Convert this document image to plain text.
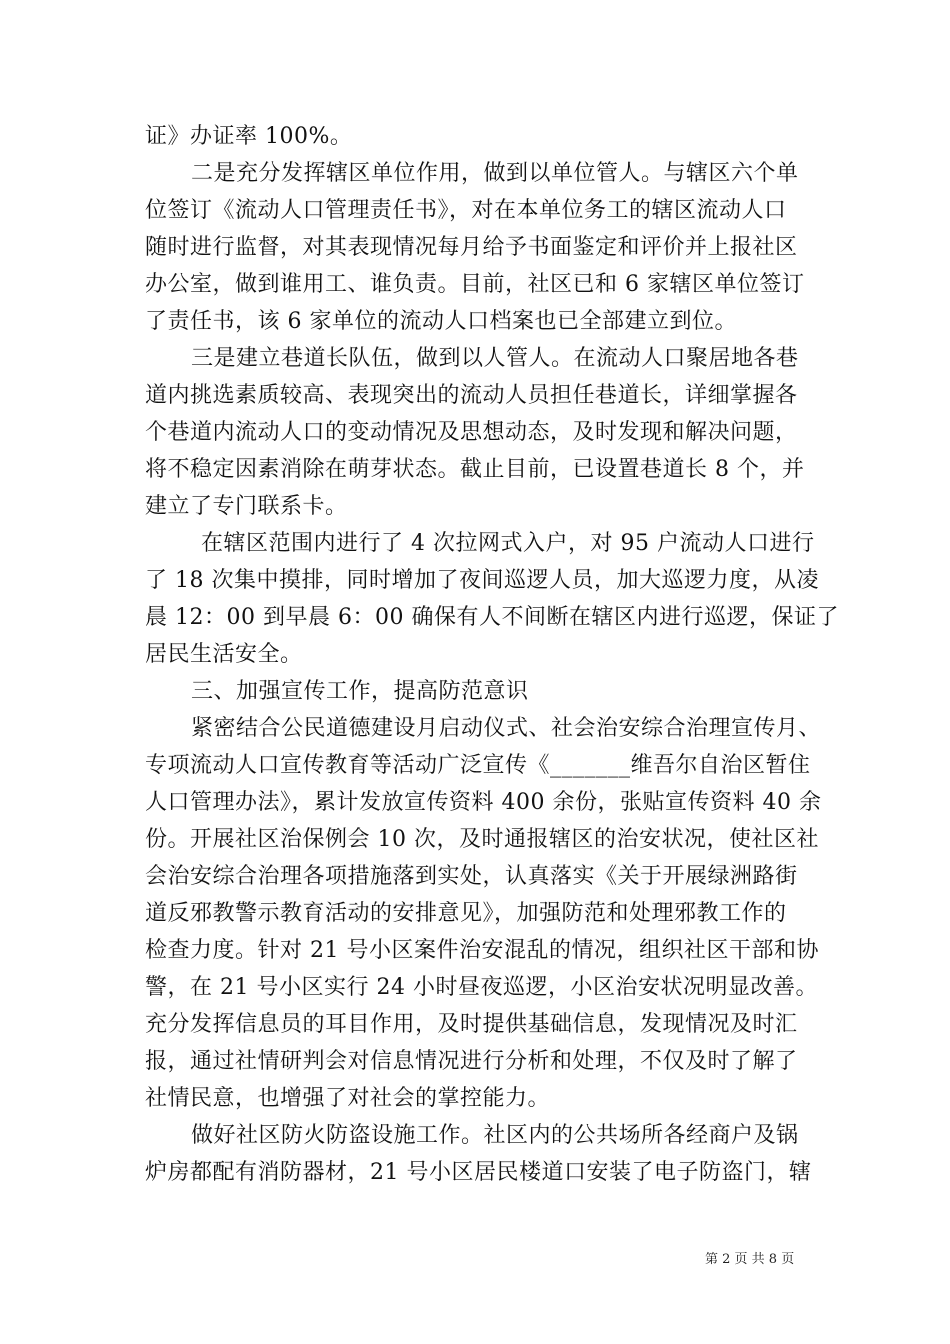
证》办证率 100%。
二是充分发挥辖区单位作用，做到以单位管人。与辖区六个单
位签订《流动人口管理责任书》，对在本单位务工的辖区流动人口
随时进行监督，对其表现情况每月给予书面鉴定和评价并上报社区
办公室，做到谁用工、谁负责。目前，社区已和 6 家辖区单位签订
了责任书，该 6 家单位的流动人口档案也已全部建立到位。
三是建立巷道长队伍，做到以人管人。在流动人口聚居地各巷
道内挑选素质较高、表现突出的流动人员担任巷道长，详细掌握各
个巷道内流动人口的变动情况及思想动态，及时发现和解决问题，
将不稳定因素消除在萌芽状态。截止目前，已设置巷道长 8 个，并
建立了专门联系卡。
在辖区范围内进行了 4 次拉网式入户，对 95 户流动人口进行
了 18 次集中摸排，同时增加了夜间巡逻人员，加大巡逻力度，从凌
晨 12：00 到早晨 6：00 确保有人不间断在辖区内进行巡逻，保证了
居民生活安全。
三、加强宣传工作，提高防范意识
紧密结合公民道德建设月启动仪式、社会治安综合治理宣传月、
专项流动人口宣传教育等活动广泛宣传《_______维吾尔自治区暂住
人口管理办法》，累计发放宣传资料 400 余份，张贴宣传资料 40 余
份。开展社区治保例会 10 次，及时通报辖区的治安状况，使社区社
会治安综合治理各项措施落到实处，认真落实《关于开展绿洲路街
道反邪教警示教育活动的安排意见》，加强防范和处理邪教工作的
检查力度。针对 21 号小区案件治安混乱的情况，组织社区干部和协
警，在 21 号小区实行 24 小时昼夜巡逻，小区治安状况明显改善。
充分发挥信息员的耳目作用，及时提供基础信息，发现情况及时汇
报，通过社情研判会对信息情况进行分析和处理，不仅及时了解了
社情民意，也增强了对社会的掌控能力。
做好社区防火防盗设施工作。社区内的公共场所各经商户及锅
炉房都配有消防器材，21 号小区居民楼道口安装了电子防盗门，辖
第 2 页 共 8 页
